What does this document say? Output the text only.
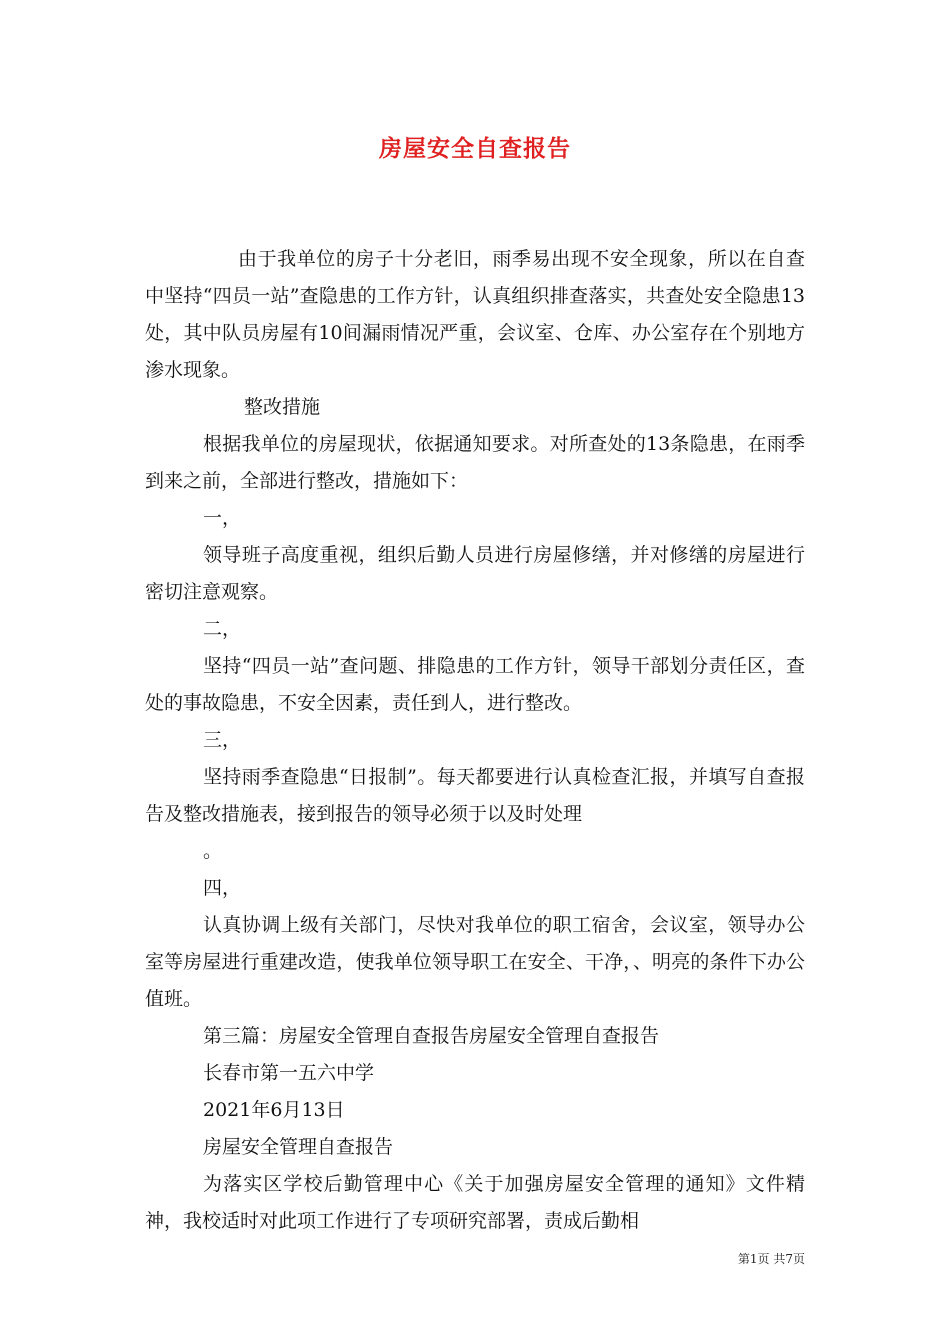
房屋安全自查报告

由于我单位的房子十分老旧，雨季易出现不安全现象，所以在自查中坚持“四员一站”查隐患的工作方针，认真组织排查落实，共查处安全隐患13处，其中队员房屋有10间漏雨情况严重，会议室、仓库、办公室存在个别地方渗水现象。

整改措施

根据我单位的房屋现状，依据通知要求。对所查处的13条隐患，在雨季到来之前，全部进行整改，措施如下：

一，

领导班子高度重视，组织后勤人员进行房屋修缮，并对修缮的房屋进行密切注意观察。

二，

坚持“四员一站”查问题、排隐患的工作方针，领导干部划分责任区，查处的事故隐患，不安全因素，责任到人，进行整改。

三，

坚持雨季查隐患“日报制”。每天都要进行认真检查汇报，并填写自查报告及整改措施表，接到报告的领导必须于以及时处理

。

四，

认真协调上级有关部门，尽快对我单位的职工宿舍，会议室，领导办公室等房屋进行重建改造，使我单位领导职工在安全、干净，、明亮的条件下办公值班。

第三篇：房屋安全管理自查报告房屋安全管理自查报告

长春市第一五六中学

2021年6月13日

房屋安全管理自查报告

为落实区学校后勤管理中心《关于加强房屋安全管理的通知》文件精神，我校适时对此项工作进行了专项研究部署，责成后勤相

第1页 共7页
